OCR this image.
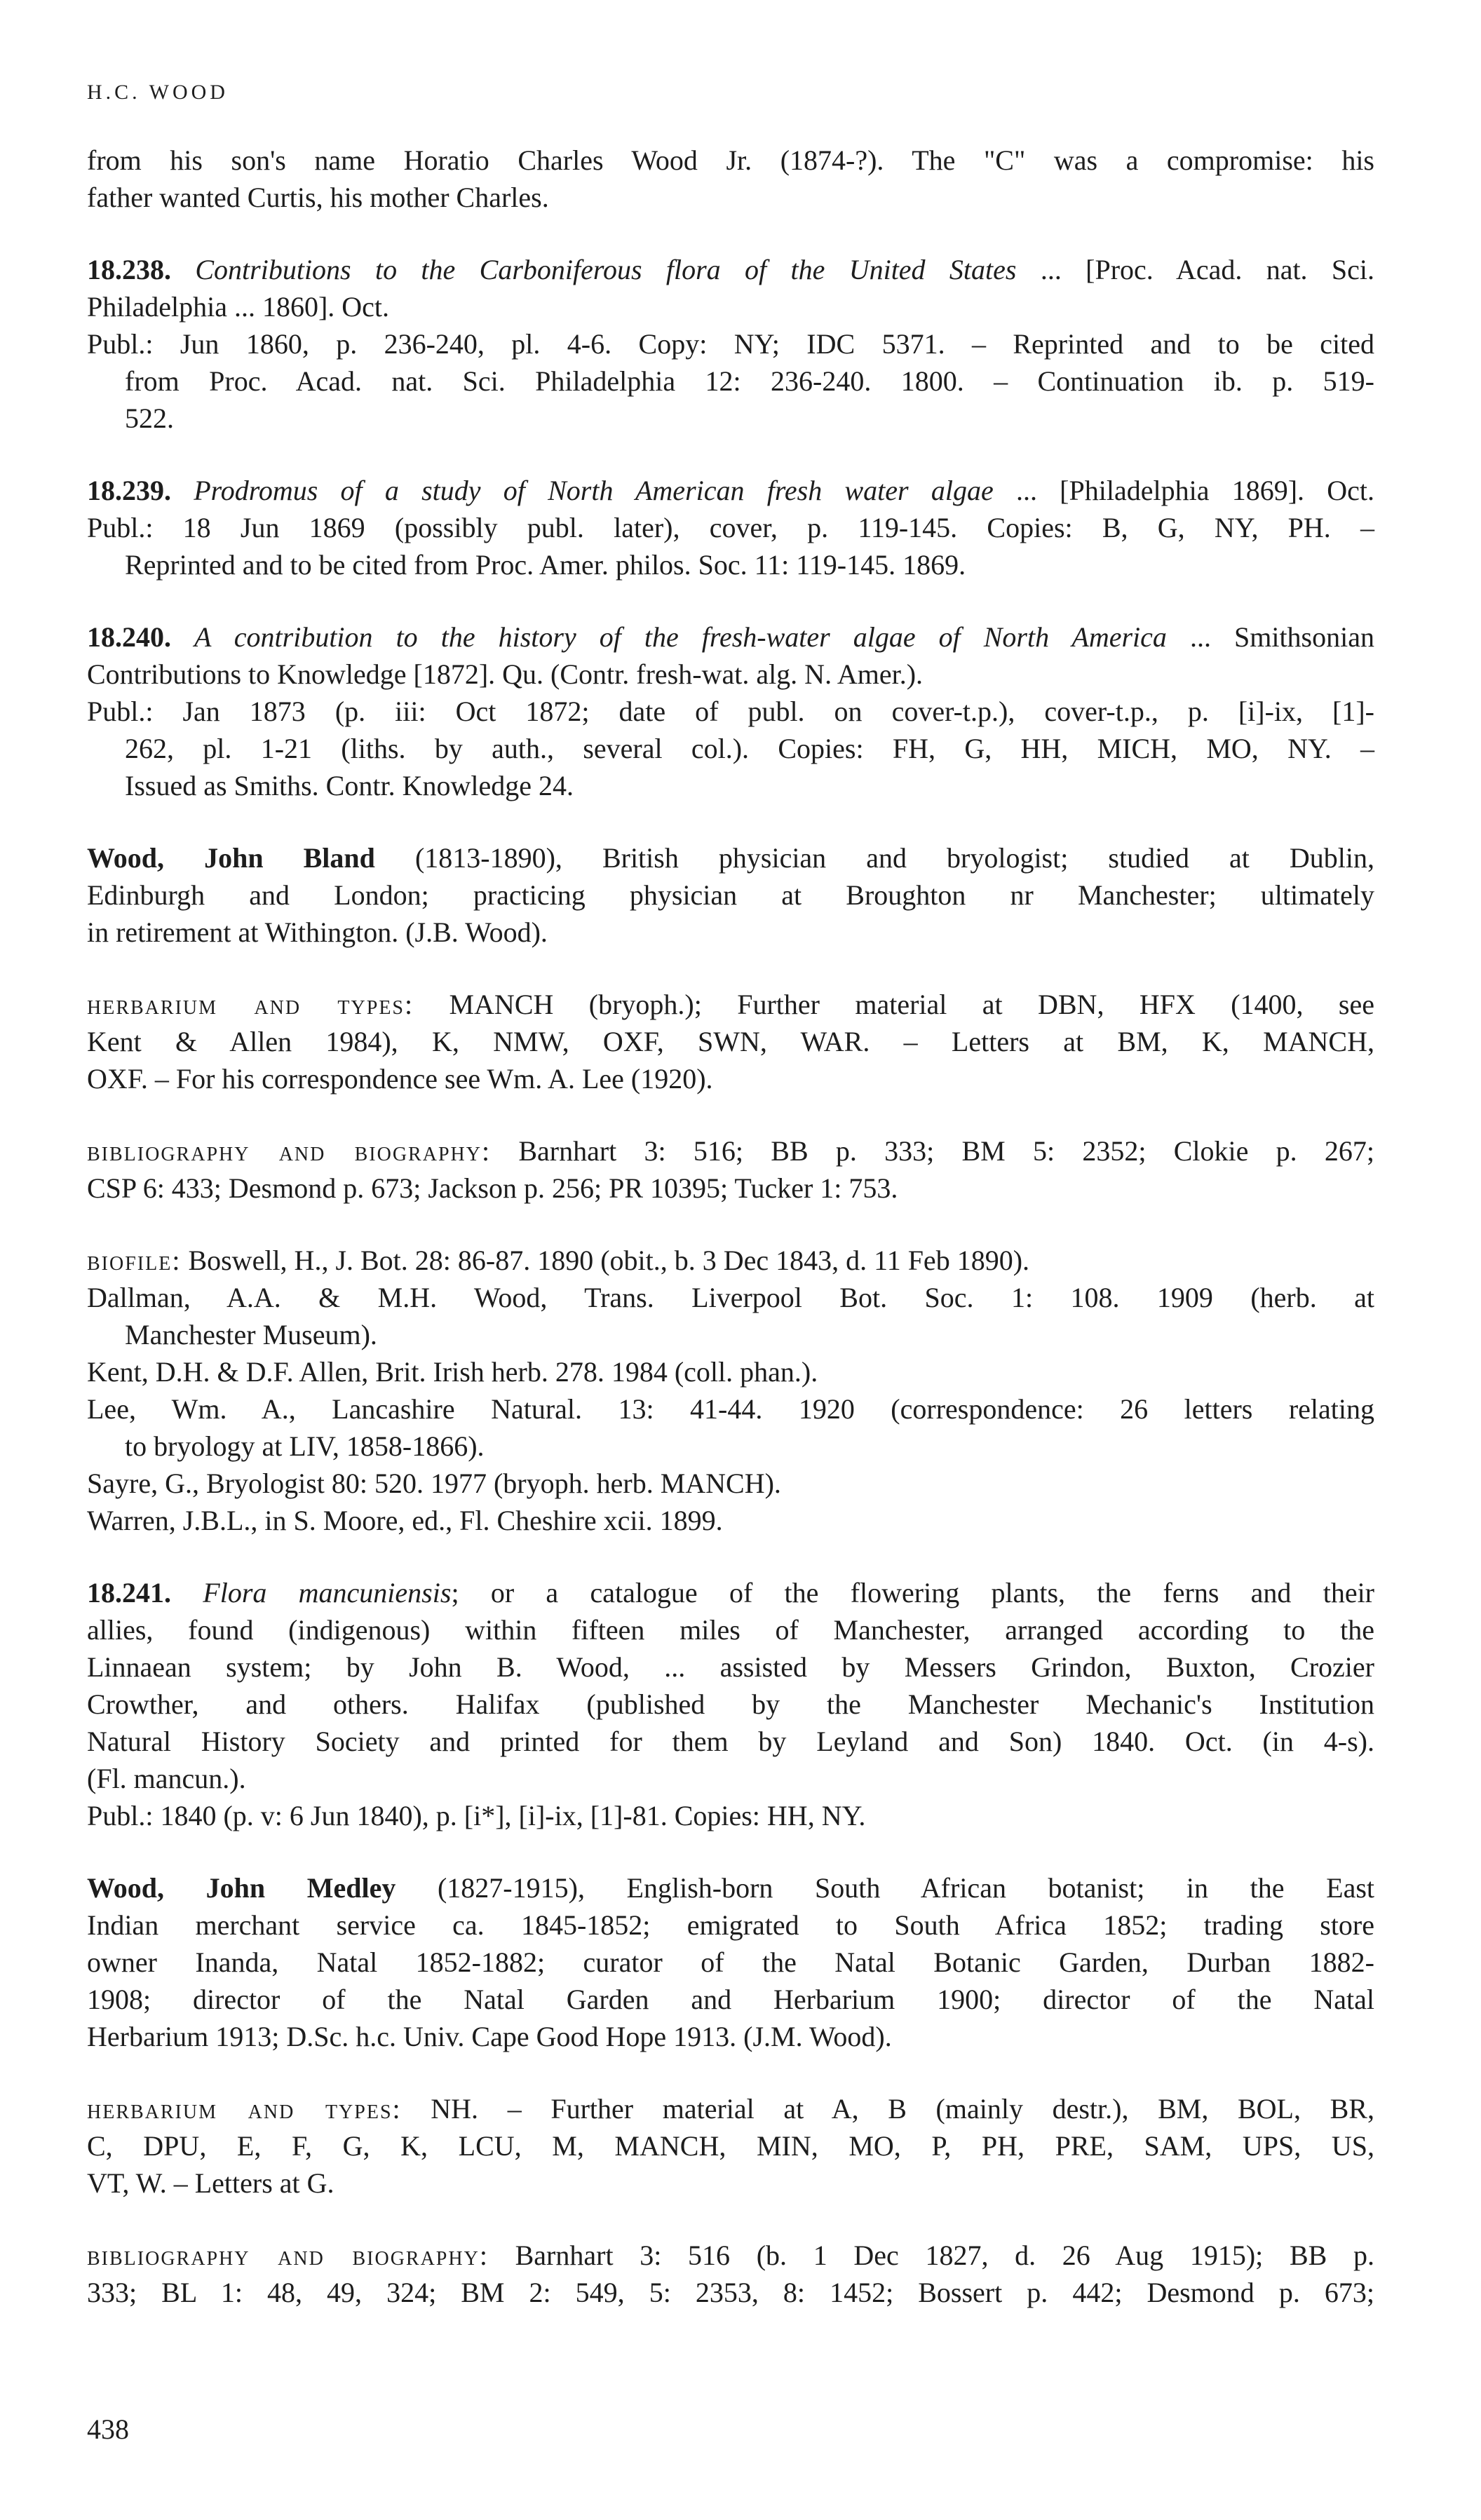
H.C. WOOD
from his son's name Horatio Charles Wood Jr. (1874-?). The "C" was a compromise: his
father wanted Curtis, his mother Charles.
18.238. Contributions to the Carboniferous flora of the United States ... [Proc. Acad. nat. Sci.
Philadelphia ... 1860]. Oct.
Publ.: Jun 1860, p. 236-240, pl. 4-6. Copy: NY; IDC 5371. – Reprinted and to be cited
from Proc. Acad. nat. Sci. Philadelphia 12: 236-240. 1800. – Continuation ib. p. 519-
522.
18.239. Prodromus of a study of North American fresh water algae ... [Philadelphia 1869]. Oct.
Publ.: 18 Jun 1869 (possibly publ. later), cover, p. 119-145. Copies: B, G, NY, PH. –
Reprinted and to be cited from Proc. Amer. philos. Soc. 11: 119-145. 1869.
18.240. A contribution to the history of the fresh-water algae of North America ... Smithsonian
Contributions to Knowledge [1872]. Qu. (Contr. fresh-wat. alg. N. Amer.).
Publ.: Jan 1873 (p. iii: Oct 1872; date of publ. on cover-t.p.), cover-t.p., p. [i]-ix, [1]-
262, pl. 1-21 (liths. by auth., several col.). Copies: FH, G, HH, MICH, MO, NY. –
Issued as Smiths. Contr. Knowledge 24.
Wood, John Bland (1813-1890), British physician and bryologist; studied at Dublin,
Edinburgh and London; practicing physician at Broughton nr Manchester; ultimately
in retirement at Withington. (J.B. Wood).
herbarium and types: MANCH (bryoph.); Further material at DBN, HFX (1400, see
Kent & Allen 1984), K, NMW, OXF, SWN, WAR. – Letters at BM, K, MANCH,
OXF. – For his correspondence see Wm. A. Lee (1920).
bibliography and biography: Barnhart 3: 516; BB p. 333; BM 5: 2352; Clokie p. 267;
CSP 6: 433; Desmond p. 673; Jackson p. 256; PR 10395; Tucker 1: 753.
biofile: Boswell, H., J. Bot. 28: 86-87. 1890 (obit., b. 3 Dec 1843, d. 11 Feb 1890).
Dallman, A.A. & M.H. Wood, Trans. Liverpool Bot. Soc. 1: 108. 1909 (herb. at
Manchester Museum).
Kent, D.H. & D.F. Allen, Brit. Irish herb. 278. 1984 (coll. phan.).
Lee, Wm. A., Lancashire Natural. 13: 41-44. 1920 (correspondence: 26 letters relating
to bryology at LIV, 1858-1866).
Sayre, G., Bryologist 80: 520. 1977 (bryoph. herb. MANCH).
Warren, J.B.L., in S. Moore, ed., Fl. Cheshire xcii. 1899.
18.241. Flora mancuniensis; or a catalogue of the flowering plants, the ferns and their
allies, found (indigenous) within fifteen miles of Manchester, arranged according to the
Linnaean system; by John B. Wood, ... assisted by Messers Grindon, Buxton, Crozier
Crowther, and others. Halifax (published by the Manchester Mechanic's Institution
Natural History Society and printed for them by Leyland and Son) 1840. Oct. (in 4-s).
(Fl. mancun.).
Publ.: 1840 (p. v: 6 Jun 1840), p. [i*], [i]-ix, [1]-81. Copies: HH, NY.
Wood, John Medley (1827-1915), English-born South African botanist; in the East
Indian merchant service ca. 1845-1852; emigrated to South Africa 1852; trading store
owner Inanda, Natal 1852-1882; curator of the Natal Botanic Garden, Durban 1882-
1908; director of the Natal Garden and Herbarium 1900; director of the Natal
Herbarium 1913; D.Sc. h.c. Univ. Cape Good Hope 1913. (J.M. Wood).
herbarium and types: NH. – Further material at A, B (mainly destr.), BM, BOL, BR,
C, DPU, E, F, G, K, LCU, M, MANCH, MIN, MO, P, PH, PRE, SAM, UPS, US,
VT, W. – Letters at G.
bibliography and biography: Barnhart 3: 516 (b. 1 Dec 1827, d. 26 Aug 1915); BB p.
333; BL 1: 48, 49, 324; BM 2: 549, 5: 2353, 8: 1452; Bossert p. 442; Desmond p. 673;
438
